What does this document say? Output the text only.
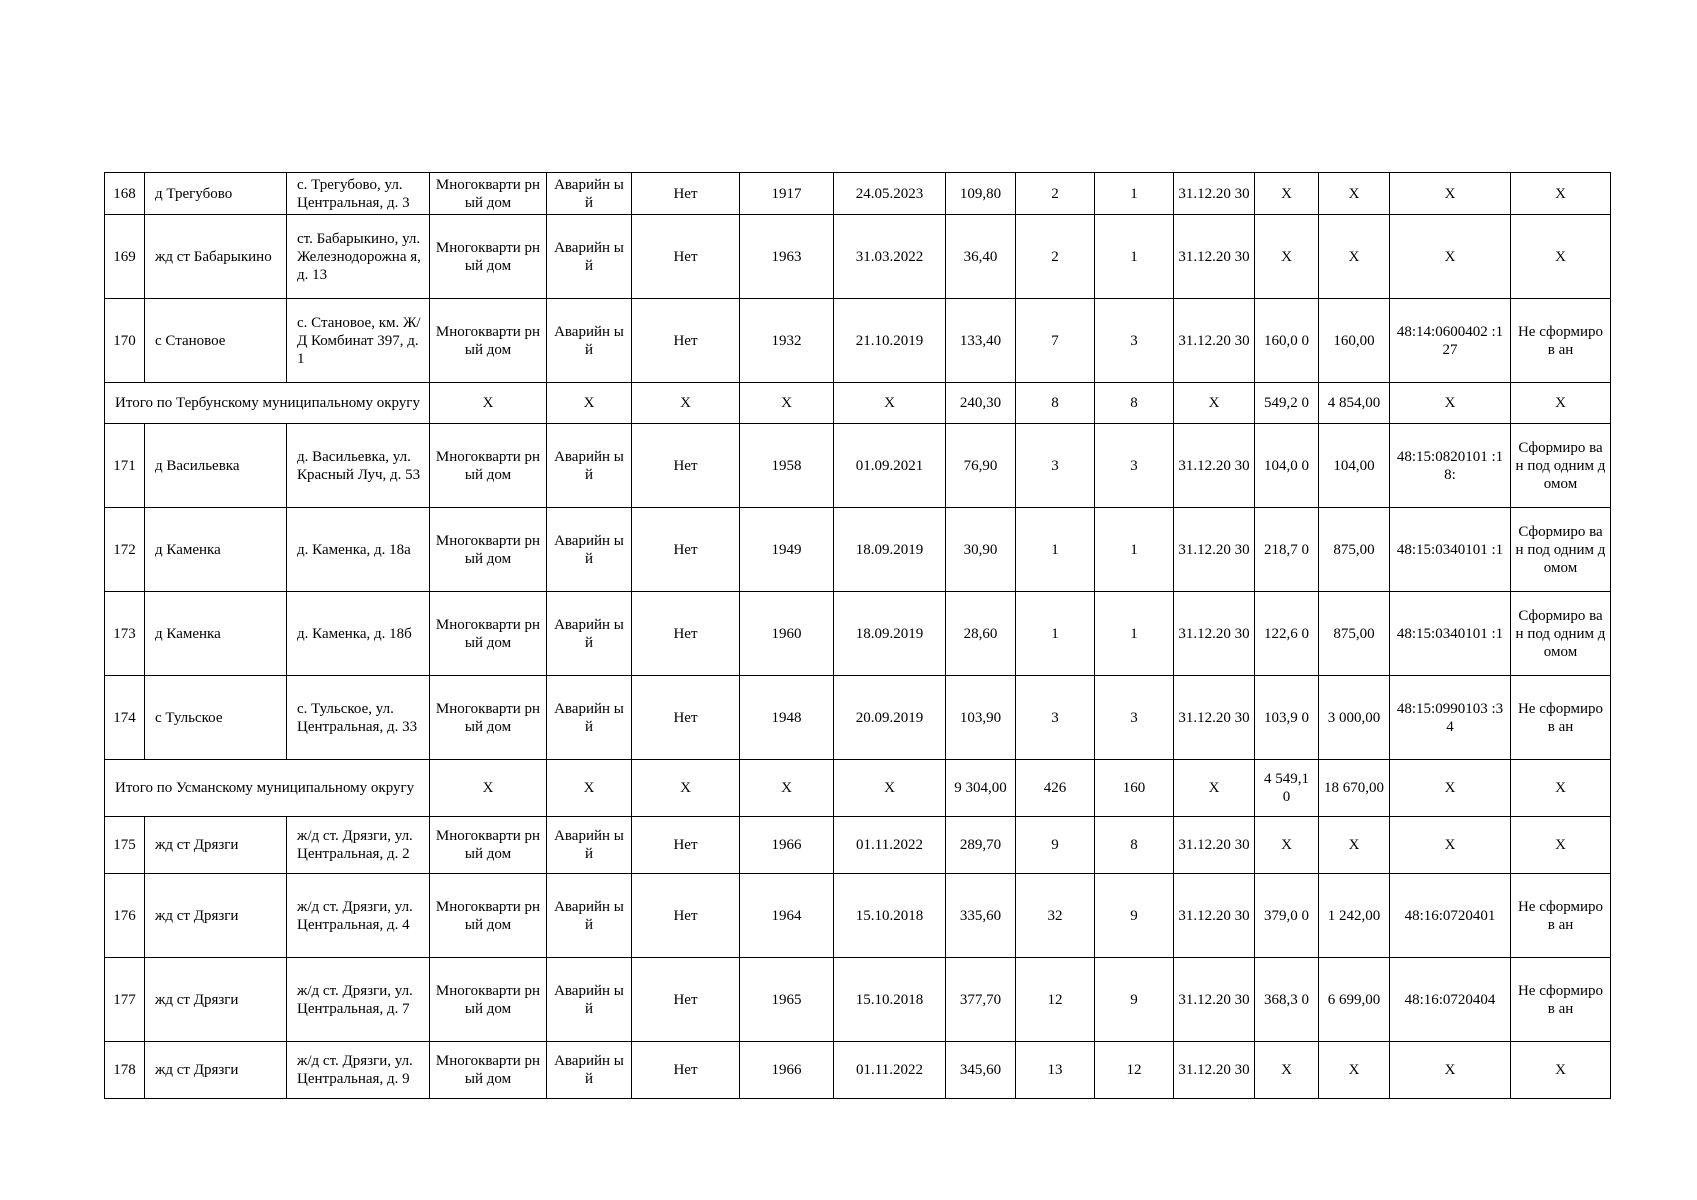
168	д Трегубово	с. Трегубово, ул. Центральная, д. 3	Многокварти рный дом	Аварийн ый	Нет	1917	24.05.2023	109,80	2	1	31.12.20 30	X	X	X	X
169	жд ст Бабарыкино	ст. Бабарыкино, ул. Железнодорожна я, д. 13	Многокварти рный дом	Аварийн ый	Нет	1963	31.03.2022	36,40	2	1	31.12.20 30	X	X	X	X
170	с Становое	с. Становое, км. Ж/Д Комбинат 397, д. 1	Многокварти рный дом	Аварийн ый	Нет	1932	21.10.2019	133,40	7	3	31.12.20 30	160,0 0	160,00	48:14:0600402 :127	Не сформиров ан
Итого по Тербунскому муниципальному округу			X	X	X	X	X	240,30	8	8	X	549,2 0	4 854,00	X	X
171	д Васильевка	д. Васильевка, ул. Красный Луч, д. 53	Многокварти рный дом	Аварийн ый	Нет	1958	01.09.2021	76,90	3	3	31.12.20 30	104,0 0	104,00	48:15:0820101 :18:	Сформиро ван под одним домом
172	д Каменка	д. Каменка, д. 18а	Многокварти рный дом	Аварийн ый	Нет	1949	18.09.2019	30,90	1	1	31.12.20 30	218,7 0	875,00	48:15:0340101 :1	Сформиро ван под одним домом
173	д Каменка	д. Каменка, д. 18б	Многокварти рный дом	Аварийн ый	Нет	1960	18.09.2019	28,60	1	1	31.12.20 30	122,6 0	875,00	48:15:0340101 :1	Сформиро ван под одним домом
174	с Тульское	с. Тульское, ул. Центральная, д. 33	Многокварти рный дом	Аварийн ый	Нет	1948	20.09.2019	103,90	3	3	31.12.20 30	103,9 0	3 000,00	48:15:0990103 :34	Не сформиров ан
Итого по Усманскому муниципальному округу			X	X	X	X	X	9 304,00	426	160	X	4 549,1 0	18 670,00	X	X
175	жд ст Дрязги	ж/д ст. Дрязги, ул. Центральная, д. 2	Многокварти рный дом	Аварийн ый	Нет	1966	01.11.2022	289,70	9	8	31.12.20 30	X	X	X	X
176	жд ст Дрязги	ж/д ст. Дрязги, ул. Центральная, д. 4	Многокварти рный дом	Аварийн ый	Нет	1964	15.10.2018	335,60	32	9	31.12.20 30	379,0 0	1 242,00	48:16:0720401	Не сформиров ан
177	жд ст Дрязги	ж/д ст. Дрязги, ул. Центральная, д. 7	Многокварти рный дом	Аварийн ый	Нет	1965	15.10.2018	377,70	12	9	31.12.20 30	368,3 0	6 699,00	48:16:0720404	Не сформиров ан
178	жд ст Дрязги	ж/д ст. Дрязги, ул. Центральная, д. 9	Многокварти рный дом	Аварийн ый	Нет	1966	01.11.2022	345,60	13	12	31.12.20 30	X	X	X	X
